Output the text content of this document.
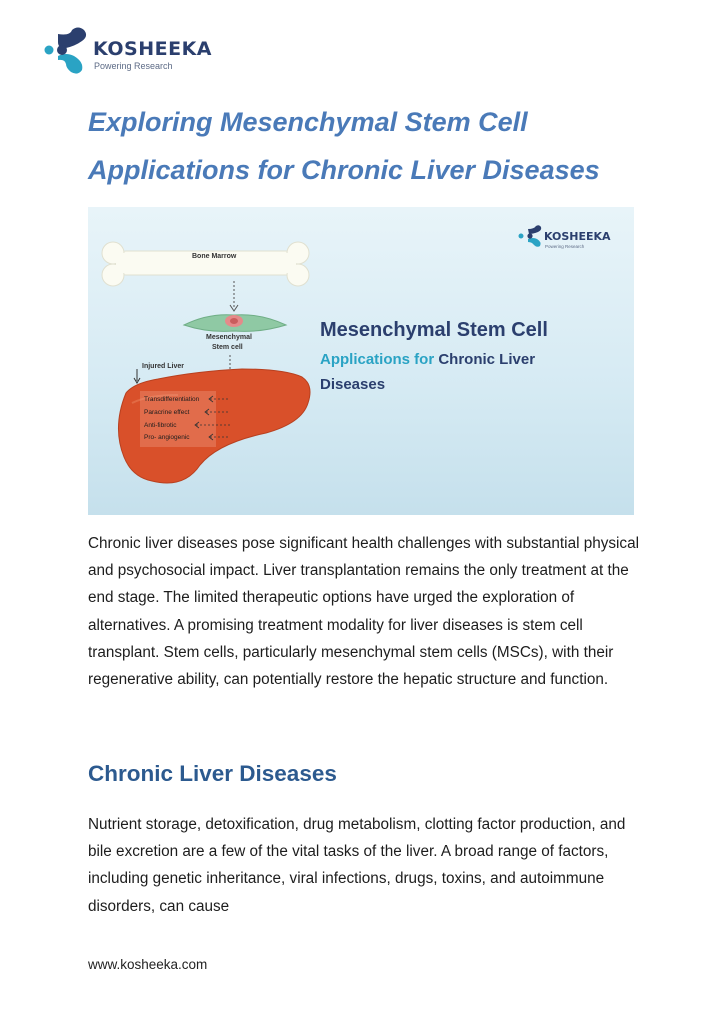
KOSHEEKA
Powering Research
Exploring Mesenchymal Stem Cell
Applications for Chronic Liver Diseases
Bone Marrow
Mesenchymal
Stem cell
Injured Liver
Transdifferentiation
Paracrine effect
Anti-fibrotic
Pro- angiogenic
KOSHEEKA
Powering Research
Mesenchymal Stem Cell
Applications for Chronic Liver
Diseases

Chronic liver diseases pose significant health challenges with substantial physical and psychosocial impact. Liver transplantation remains the only treatment at the end stage. The limited therapeutic options have urged the exploration of alternatives. A promising treatment modality for liver diseases is stem cell transplant. Stem cells, particularly mesenchymal stem cells (MSCs), with their regenerative ability, can potentially restore the hepatic structure and function.

Chronic Liver Diseases

Nutrient storage, detoxification, drug metabolism, clotting factor production, and bile excretion are a few of the vital tasks of the liver. A broad range of factors, including genetic inheritance, viral infections, drugs, toxins, and autoimmune disorders, can cause

www.kosheeka.com
